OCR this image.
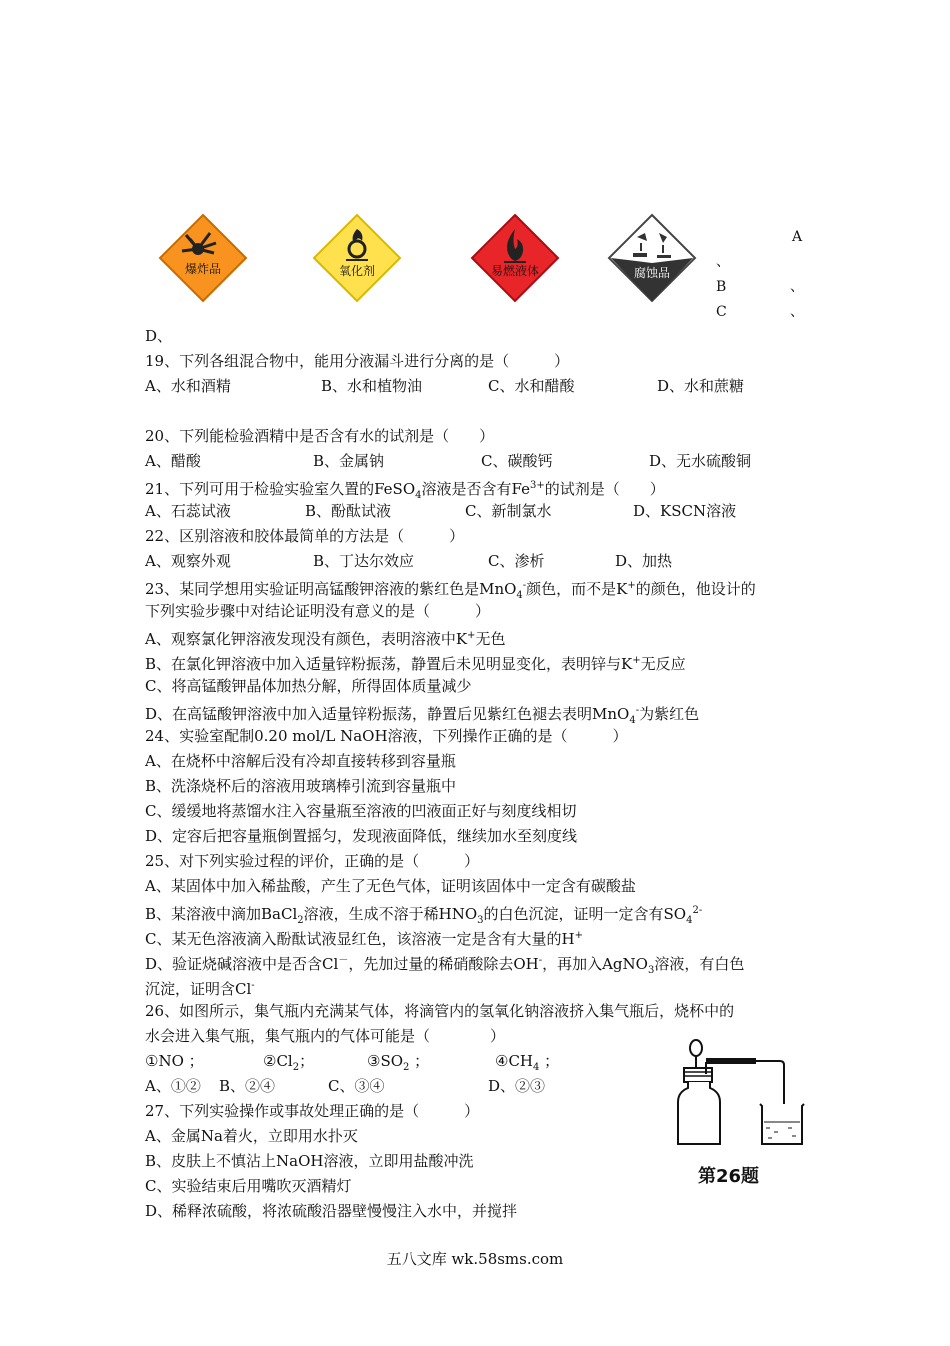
爆炸品	氧化剂	易燃液体	腐蚀品
A
、
B	、
C	、
D、
19、下列各组混合物中，能用分液漏斗进行分离的是（　　　）
A、水和酒精	B、水和植物油	C、水和醋酸	D、水和蔗糖
20、下列能检验酒精中是否含有水的试剂是（　　）
A、醋酸	B、金属钠	C、碳酸钙	D、无水硫酸铜
21、下列可用于检验实验室久置的FeSO$_4$溶液是否含有$Fe^{3+}$的试剂是（　　）
A、石蕊试液	B、酚酞试液	C、新制氯水	D、KSCN溶液
22、区别溶液和胶体最简单的方法是（　　　）
A、观察外观	B、丁达尔效应	C、渗析	D、加热
23、某同学想用实验证明高锰酸钾溶液的紫红色是MnO$_4$-颜色，而不是K+的颜色，他设计的
下列实验步骤中对结论证明没有意义的是（　　　）
A、观察氯化钾溶液发现没有颜色，表明溶液中K+无色
B、在氯化钾溶液中加入适量锌粉振荡，静置后未见明显变化，表明锌与K+无反应
C、将高锰酸钾晶体加热分解，所得固体质量减少
D、在高锰酸钾溶液中加入适量锌粉振荡，静置后见紫红色褪去表明MnO$_4$-为紫红色
24、实验室配制0.20 mol/L NaOH溶液，下列操作正确的是（　　　）
A、在烧杯中溶解后没有冷却直接转移到容量瓶
B、洗涤烧杯后的溶液用玻璃棒引流到容量瓶中
C、缓缓地将蒸馏水注入容量瓶至溶液的凹液面正好与刻度线相切
D、定容后把容量瓶倒置摇匀，发现液面降低，继续加水至刻度线
25、对下列实验过程的评价，正确的是（　　　）
A、某固体中加入稀盐酸，产生了无色气体，证明该固体中一定含有碳酸盐
B、某溶液中滴加BaCl$_2$溶液，生成不溶于稀$HNO_3$的白色沉淀，证明一定含有$SO_4^{2-}$
C、某无色溶液滴入酚酞试液显红色，该溶液一定是含有大量的H+
D、验证烧碱溶液中是否含Cl－，先加过量的稀硝酸除去OH-，再加入AgNO$_3$溶液，有白色
沉淀，证明含Cl-
26、如图所示，集气瓶内充满某气体，将滴管内的氢氧化钠溶液挤入集气瓶后，烧杯中的
水会进入集气瓶，集气瓶内的气体可能是（　　　　）
①NO ；	$②Cl_2$；	$③SO_2$ ；	$④CH_4$ ；
A、①② B、②④	C、③④	D、②③
第26题
27、下列实验操作或事故处理正确的是（　　　）
A、金属Na着火，立即用水扑灭
B、皮肤上不慎沾上NaOH溶液，立即用盐酸冲洗
C、实验结束后用嘴吹灭酒精灯
D、稀释浓硫酸，将浓硫酸沿器壁慢慢注入水中，并搅拌
五八文库 wk.58sms.com
